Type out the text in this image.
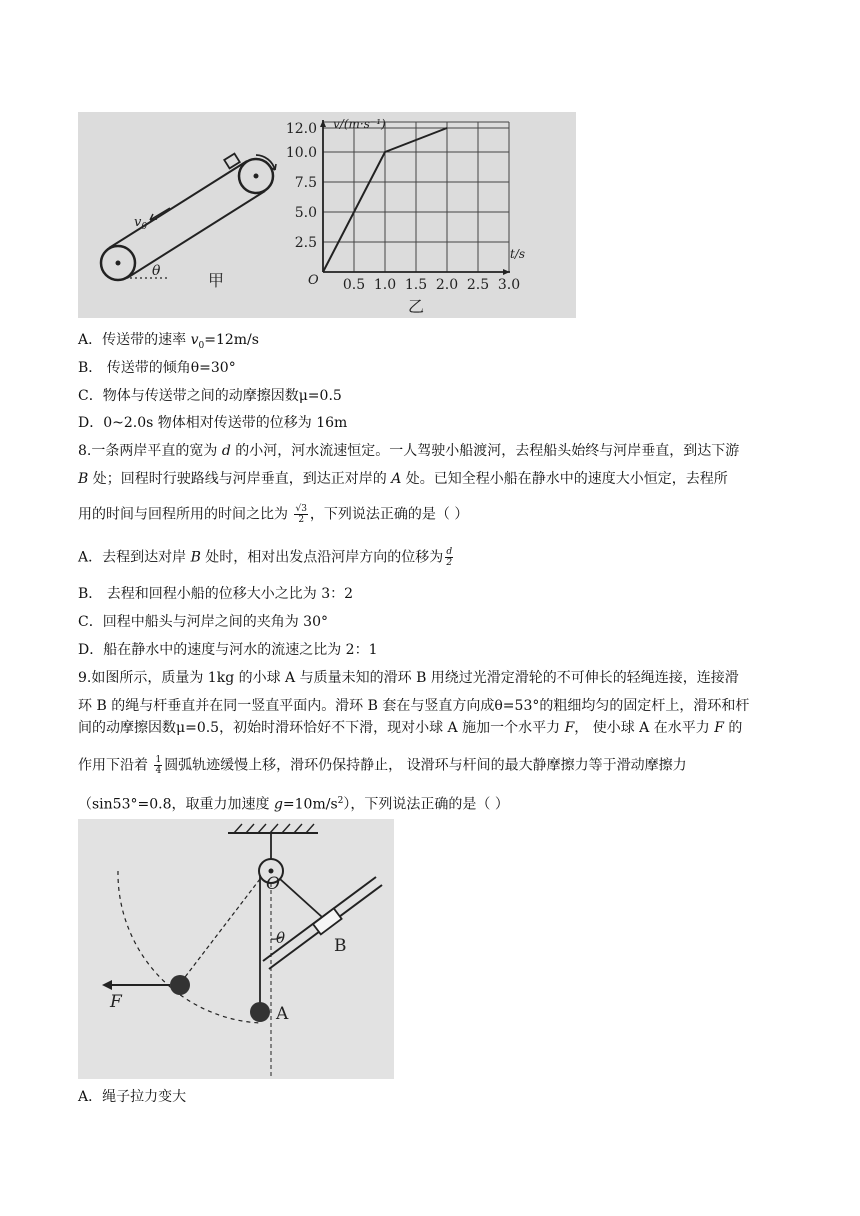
$v_0$
θ	甲
12.0
10.0
7.5
5.0
2.5
0.5 1.0 1.5 2.0 2.5 3.0
v/(m·s⁻¹)
t/s
O
乙
A．传送带的速率 $v_0=12m/s$
B． 传送带的倾角θ=30°
C．物体与传送带之间的动摩擦因数μ=0.5
D．0~2.0s 物体相对传送带的位移为 16m
8.一条两岸平直的宽为 d 的小河，河水流速恒定。一人驾驶小船渡河，去程船头始终与河岸垂直，到达下游
B 处；回程时行驶路线与河岸垂直，到达正对岸的 A 处。已知全程小船在静水中的速度大小恒定，去程所
用的时间与回程所用的时间之比为 $\frac{√3}{2}$ ，下列说法正确的是（ ）
A．去程到达对岸 B 处时，相对出发点沿河岸方向的位移为 $\frac{d}{2}$
B． 去程和回程小船的位移大小之比为 3：2
C．回程中船头与河岸之间的夹角为 30°
D．船在静水中的速度与河水的流速之比为 2：1
9.如图所示，质量为 1kg 的小球 A 与质量未知的滑环 B 用绕过光滑定滑轮的不可伸长的轻绳连接，连接滑
环 B 的绳与杆垂直并在同一竖直平面内。滑环 B 套在与竖直方向成θ=53°的粗细均匀的固定杆上，滑环和杆
间的动摩擦因数μ=0.5，初始时滑环恰好不下滑，现对小球 A 施加一个水平力 F， 使小球 A 在水平力 F 的
作用下沿着 $\frac{1}{4}$ 圆弧轨迹缓慢上移，滑环仍保持静止， 设滑环与杆间的最大静摩擦力等于滑动摩擦力
（sin53°=0.8，取重力加速度 $g=10m/s^2$），下列说法正确的是（ ）
O
θ	B
A
F
A．绳子拉力变大
